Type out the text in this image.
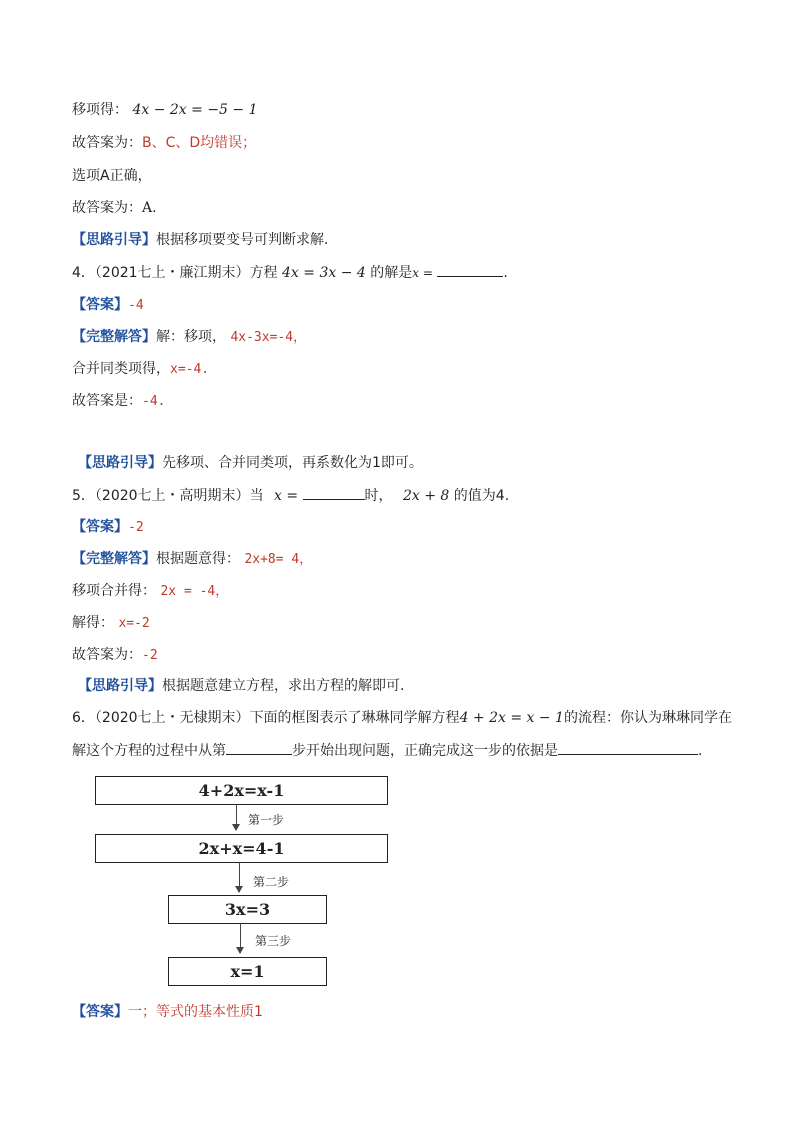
移项得： 4x − 2x = −5 − 1
故答案为：B、C、D均错误；
选项A正确，
故答案为：A.
【思路引导】根据移项要变号可判断求解.
4．（2021七上・廉江期末）方程 4x = 3x − 4 的解是x =	.
【答案】-4
【完整解答】解：移项， 4x-3x=-4，
合并同类项得，x=-4.
故答案是：-4.
【思路引导】先移项、合并同类项，再系数化为1即可。
5．（2020七上・高明期末）当 x =	时， 2x + 8 的值为4.
【答案】-2
【完整解答】根据题意得： 2x+8= 4，
移项合并得： 2x = -4，
解得： x=-2
故答案为：-2
【思路引导】根据题意建立方程，求出方程的解即可.
6．（2020七上・无棣期末）下面的框图表示了琳琳同学解方程4 + 2x = x − 1的流程：你认为琳琳同学在
解这个方程的过程中从第	步开始出现问题，正确完成这一步的依据是	.
4+2x=x-1
第一步
2x+x=4-1
第二步
3x=3
第三步
x=1
【答案】一；等式的基本性质1
